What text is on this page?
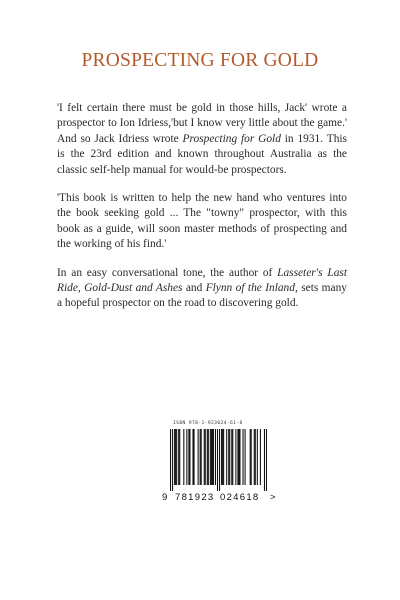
PROSPECTING FOR GOLD

'I felt certain there must be gold in those hills, Jack' wrote a prospector to Ion Idriess,'but I know very little about the game.' And so Jack Idriess wrote Prospecting for Gold in 1931. This is the 23rd edition and known throughout Australia as the classic self-help manual for would-be prospectors.

'This book is written to help the new hand who ventures into the book seeking gold ... The "towny" prospector, with this book as a guide, will soon master methods of prospecting and the working of his find.'

In an easy conversational tone, the author of Lasseter's Last Ride, Gold-Dust and Ashes and Flynn of the Inland, sets many a hopeful prospector on the road to discovering gold.

ISBN 978-1-923024-61-8
9 781923 024618 >
